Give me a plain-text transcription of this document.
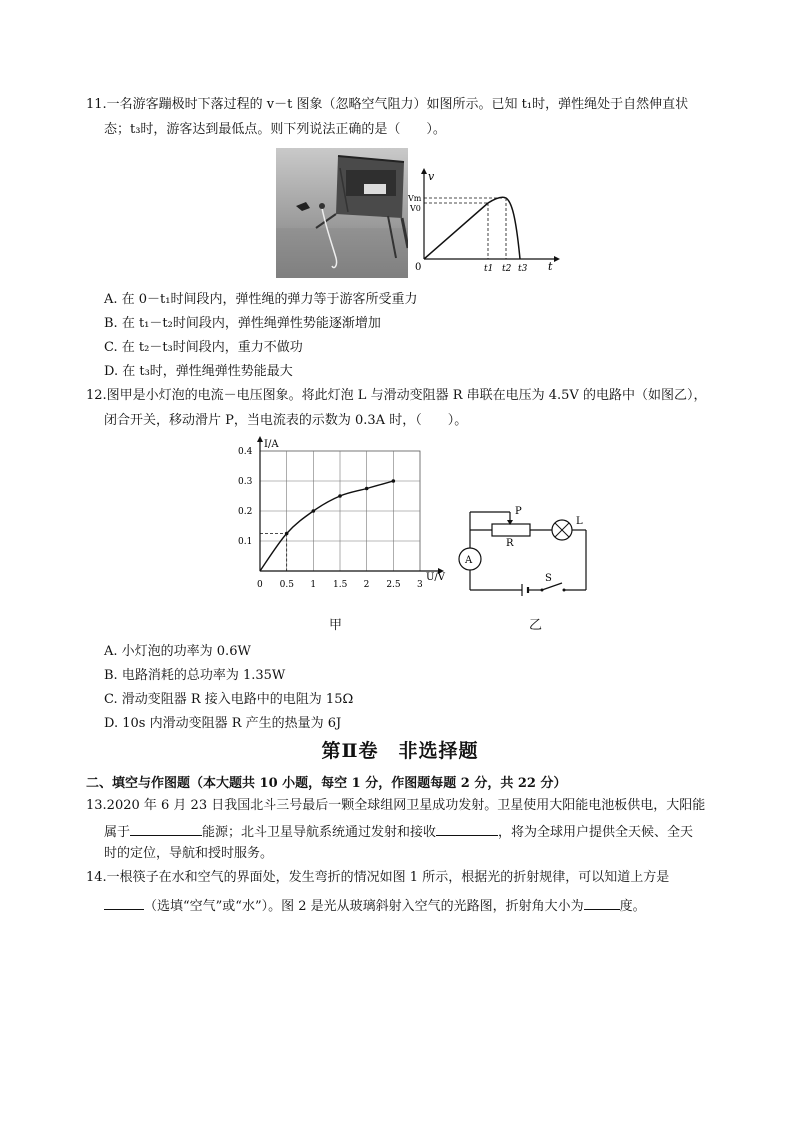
11.一名游客蹦极时下落过程的 v－t 图象（忽略空气阻力）如图所示。已知 t₁时，弹性绳处于自然伸直状
态；t₃时，游客达到最低点。则下列说法正确的是（　　）。
v
t
0
Vm
V0
t1 t2 t3
A. 在 0－t₁时间段内，弹性绳的弹力等于游客所受重力
B. 在 t₁－t₂时间段内，弹性绳弹性势能逐渐增加
C. 在 t₂－t₃时间段内，重力不做功
D. 在 t₃时，弹性绳弹性势能最大
12.图甲是小灯泡的电流－电压图象。将此灯泡 L 与滑动变阻器 R 串联在电压为 4.5V 的电路中（如图乙），
闭合开关，移动滑片 P，当电流表的示数为 0.3A 时，（　　）。
0 0.5 1 1.5 2 2.5 3
0.1
0.2
0.3
0.4
I/A
U/V
甲
P
R
L
A
S
乙
A. 小灯泡的功率为 0.6W
B. 电路消耗的总功率为 1.35W
C. 滑动变阻器 R 接入电路中的电阻为 15Ω
D. 10s 内滑动变阻器 R 产生的热量为 6J
第Ⅱ卷　非选择题
二、填空与作图题（本大题共 10 小题，每空 1 分，作图题每题 2 分，共 22 分）
13.2020 年 6 月 23 日我国北斗三号最后一颗全球组网卫星成功发射。卫星使用大阳能电池板供电，大阳能
属于	能源；北斗卫星导航系统通过发射和接收	，将为全球用户提供全天候、全天
时的定位，导航和授时服务。
14.一根筷子在水和空气的界面处，发生弯折的情况如图 1 所示，根据光的折射规律，可以知道上方是
（选填“空气”或“水”）。图 2 是光从玻璃斜射入空气的光路图，折射角大小为	度。
